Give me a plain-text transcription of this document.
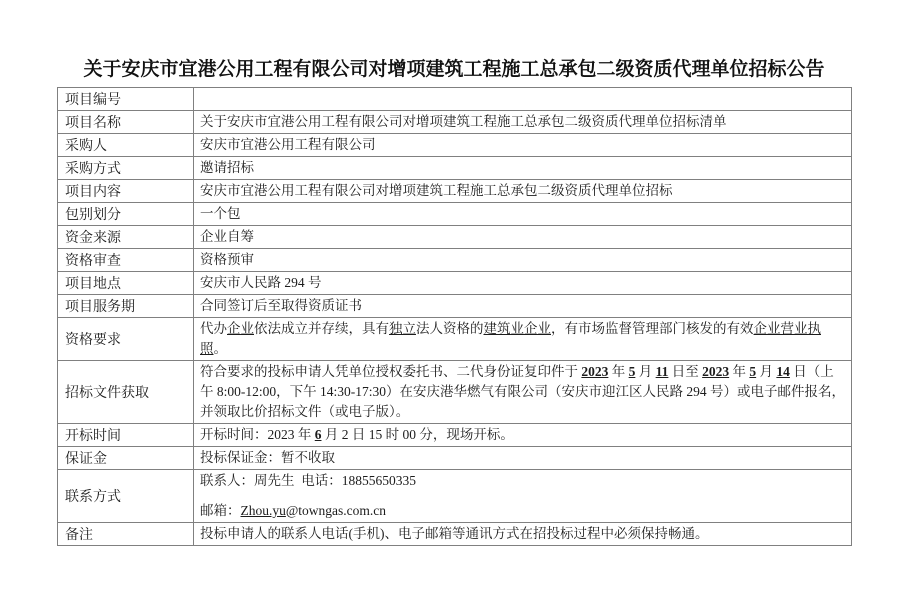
关于安庆市宜港公用工程有限公司对增项建筑工程施工总承包二级资质代理单位招标公告
项目编号	
项目名称	关于安庆市宜港公用工程有限公司对增项建筑工程施工总承包二级资质代理单位招标清单

采购人	安庆市宜港公用工程有限公司

采购方式	邀请招标

项目内容	安庆市宜港公用工程有限公司对增项建筑工程施工总承包二级资质代理单位招标

包别划分	一个包

资金来源	企业自筹

资格审查	资格预审

项目地点	安庆市人民路 294 号

项目服务期	合同签订后至取得资质证书

资格要求	代办企业依法成立并存续，具有独立法人资格的建筑业企业，有市场监督管理部门核发的有效企业营业执照。

招标文件获取	符合要求的投标申请人凭单位授权委托书、二代身份证复印件于 2023 年 5 月 11 日至 2023 年 5 月 14 日（上午 8:00-12:00，下午 14:30-17:30）在安庆港华燃气有限公司（安庆市迎江区人民路 294 号）或电子邮件报名，并领取比价招标文件（或电子版）。

开标时间	开标时间：2023 年 6 月 2 日 15 时 00 分，现场开标。

保证金	投标保证金：暂不收取

联系方式	联系人：周先生  电话：18855650335
邮箱：Zhou.yu@towngas.com.cn

备注	投标申请人的联系人电话(手机)、电子邮箱等通讯方式在招投标过程中必须保持畅通。
